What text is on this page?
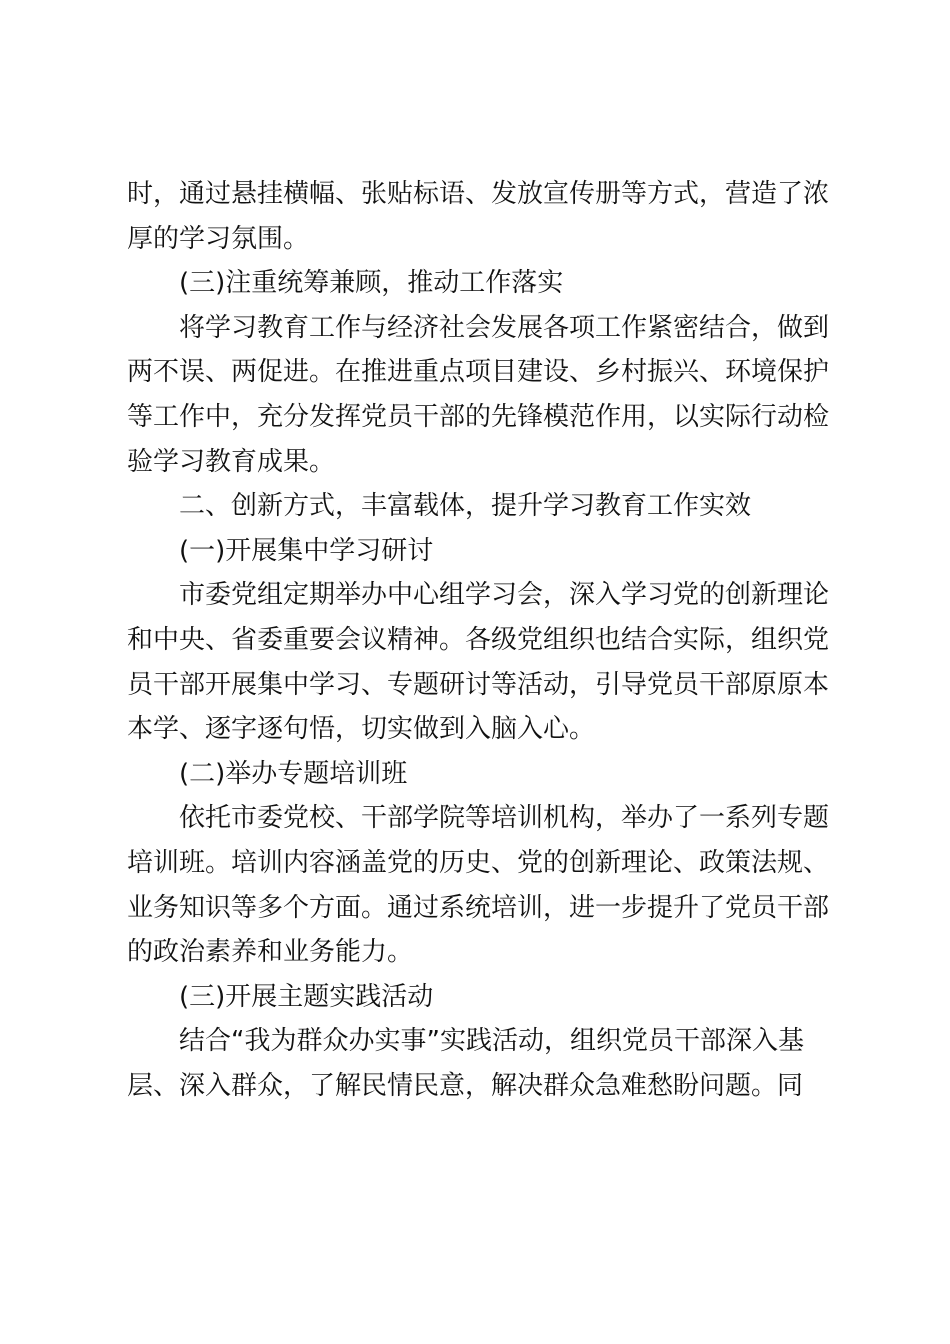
时，通过悬挂横幅、张贴标语、发放宣传册等方式，营造了浓
厚的学习氛围。
(三)注重统筹兼顾，推动工作落实
将学习教育工作与经济社会发展各项工作紧密结合，做到
两不误、两促进。在推进重点项目建设、乡村振兴、环境保护
等工作中，充分发挥党员干部的先锋模范作用，以实际行动检
验学习教育成果。
二、创新方式，丰富载体，提升学习教育工作实效
(一)开展集中学习研讨
市委党组定期举办中心组学习会，深入学习党的创新理论
和中央、省委重要会议精神。各级党组织也结合实际，组织党
员干部开展集中学习、专题研讨等活动，引导党员干部原原本
本学、逐字逐句悟，切实做到入脑入心。
(二)举办专题培训班
依托市委党校、干部学院等培训机构，举办了一系列专题
培训班。培训内容涵盖党的历史、党的创新理论、政策法规、
业务知识等多个方面。通过系统培训，进一步提升了党员干部
的政治素养和业务能力。
(三)开展主题实践活动
结合“我为群众办实事”实践活动，组织党员干部深入基
层、深入群众，了解民情民意，解决群众急难愁盼问题。同
